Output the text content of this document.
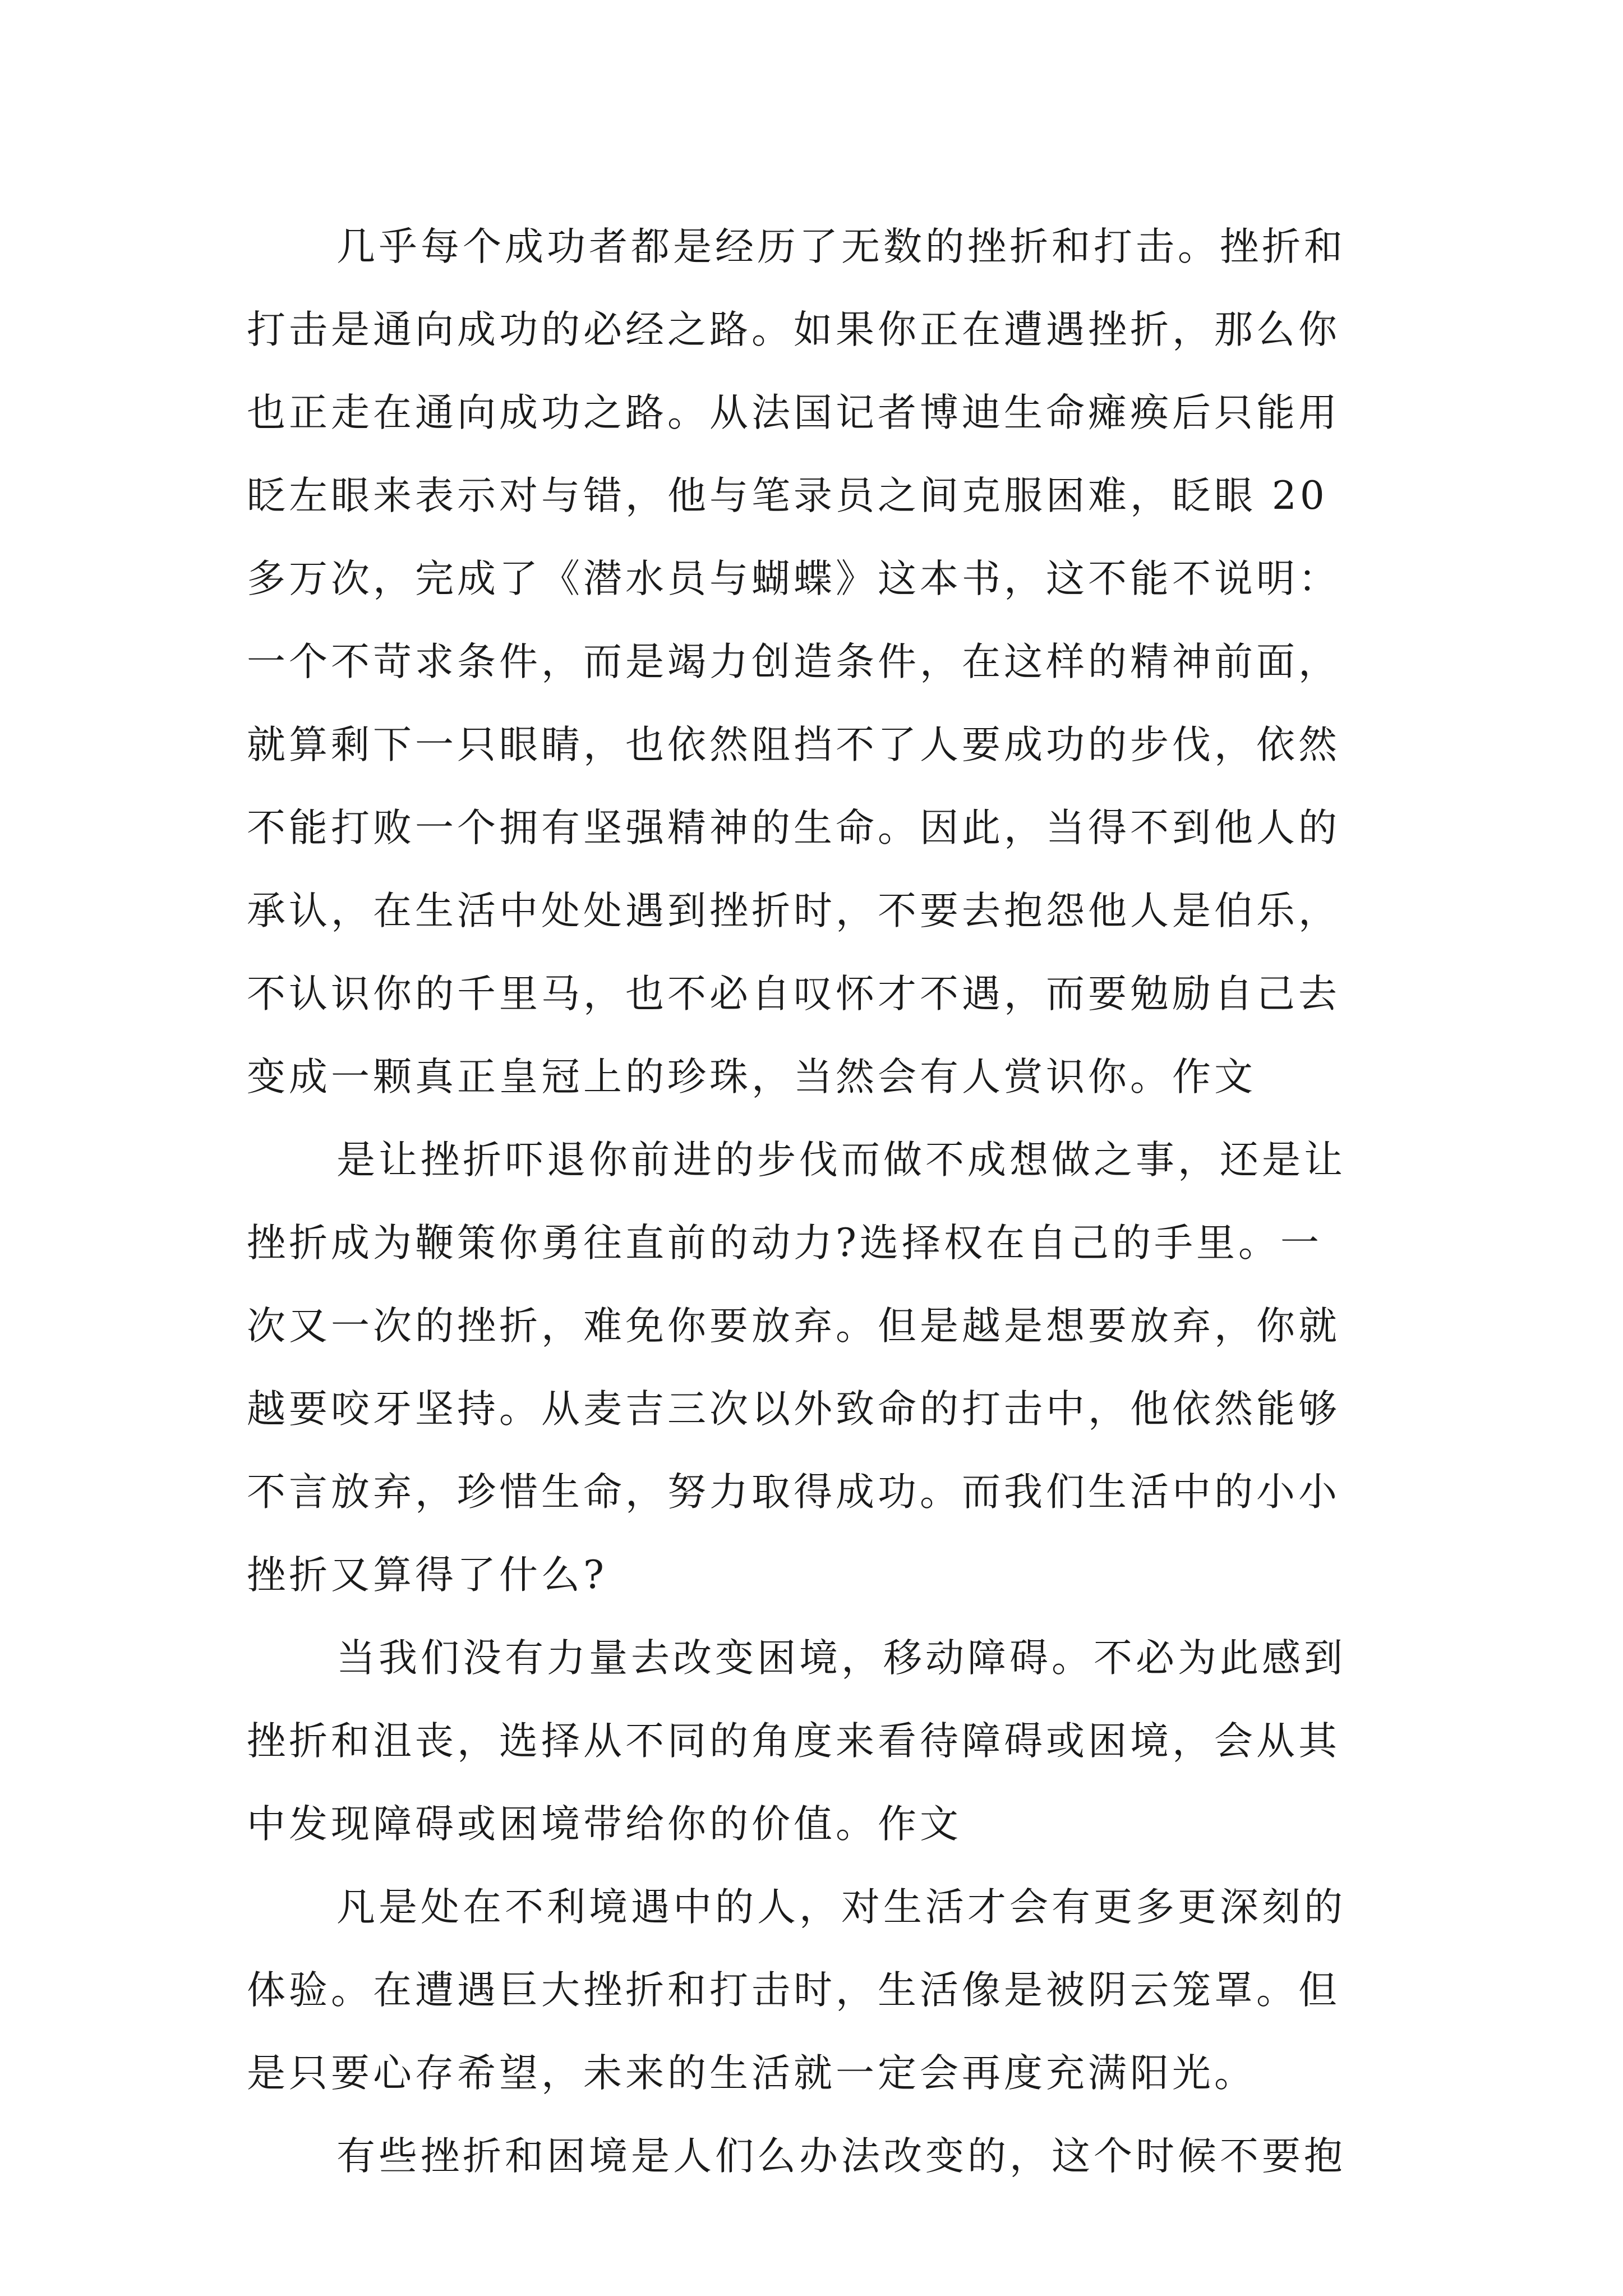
几乎每个成功者都是经历了无数的挫折和打击。挫折和
打击是通向成功的必经之路。如果你正在遭遇挫折，那么你
也正走在通向成功之路。从法国记者博迪生命瘫痪后只能用
眨左眼来表示对与错，他与笔录员之间克服困难，眨眼 20
多万次，完成了《潜水员与蝴蝶》这本书，这不能不说明：
一个不苛求条件，而是竭力创造条件，在这样的精神前面，
就算剩下一只眼睛，也依然阻挡不了人要成功的步伐，依然
不能打败一个拥有坚强精神的生命。因此，当得不到他人的
承认，在生活中处处遇到挫折时，不要去抱怨他人是伯乐，
不认识你的千里马，也不必自叹怀才不遇，而要勉励自己去
变成一颗真正皇冠上的珍珠，当然会有人赏识你。作文
是让挫折吓退你前进的步伐而做不成想做之事，还是让
挫折成为鞭策你勇往直前的动力?选择权在自己的手里。一
次又一次的挫折，难免你要放弃。但是越是想要放弃，你就
越要咬牙坚持。从麦吉三次以外致命的打击中，他依然能够
不言放弃，珍惜生命，努力取得成功。而我们生活中的小小
挫折又算得了什么?
当我们没有力量去改变困境，移动障碍。不必为此感到
挫折和沮丧，选择从不同的角度来看待障碍或困境，会从其
中发现障碍或困境带给你的价值。作文
凡是处在不利境遇中的人，对生活才会有更多更深刻的
体验。在遭遇巨大挫折和打击时，生活像是被阴云笼罩。但
是只要心存希望，未来的生活就一定会再度充满阳光。
有些挫折和困境是人们么办法改变的，这个时候不要抱
